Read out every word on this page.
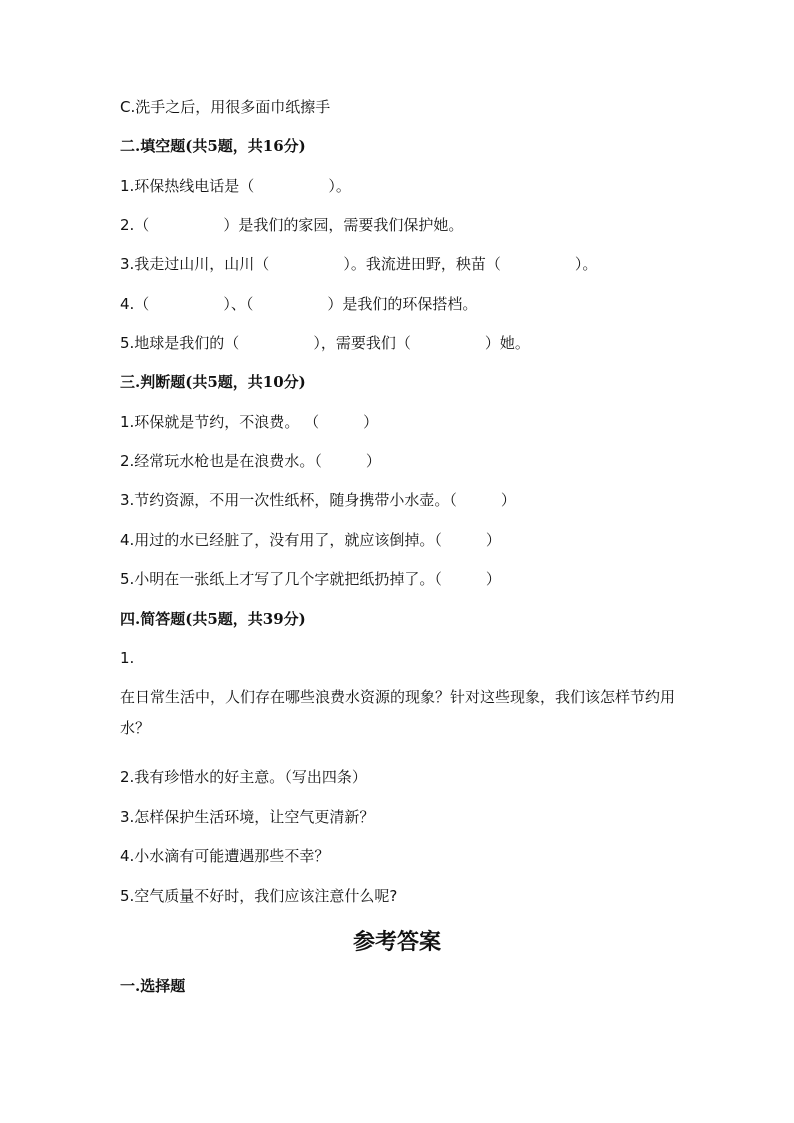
C.洗手之后，用很多面巾纸擦手
二.填空题(共5题，共16分)
1.环保热线电话是（	）。
2.（	）是我们的家园，需要我们保护她。
3.我走过山川，山川（	）。我流进田野，秧苗（	）。
4.（	）、（	）是我们的环保搭档。
5.地球是我们的（	），需要我们（	）她。
三.判断题(共5题，共10分)
1.环保就是节约，不浪费。 （	）
2.经常玩水枪也是在浪费水。（	）
3.节约资源，不用一次性纸杯，随身携带小水壶。（	）
4.用过的水已经脏了，没有用了，就应该倒掉。（	）
5.小明在一张纸上才写了几个字就把纸扔掉了。（	）
四.简答题(共5题，共39分)
1.
在日常生活中，人们存在哪些浪费水资源的现象？针对这些现象，我们该怎样节约用水？
2.我有珍惜水的好主意。（写出四条）
3.怎样保护生活环境，让空气更清新？
4.小水滴有可能遭遇那些不幸？
5.空气质量不好时，我们应该注意什么呢?
参考答案
一.选择题
